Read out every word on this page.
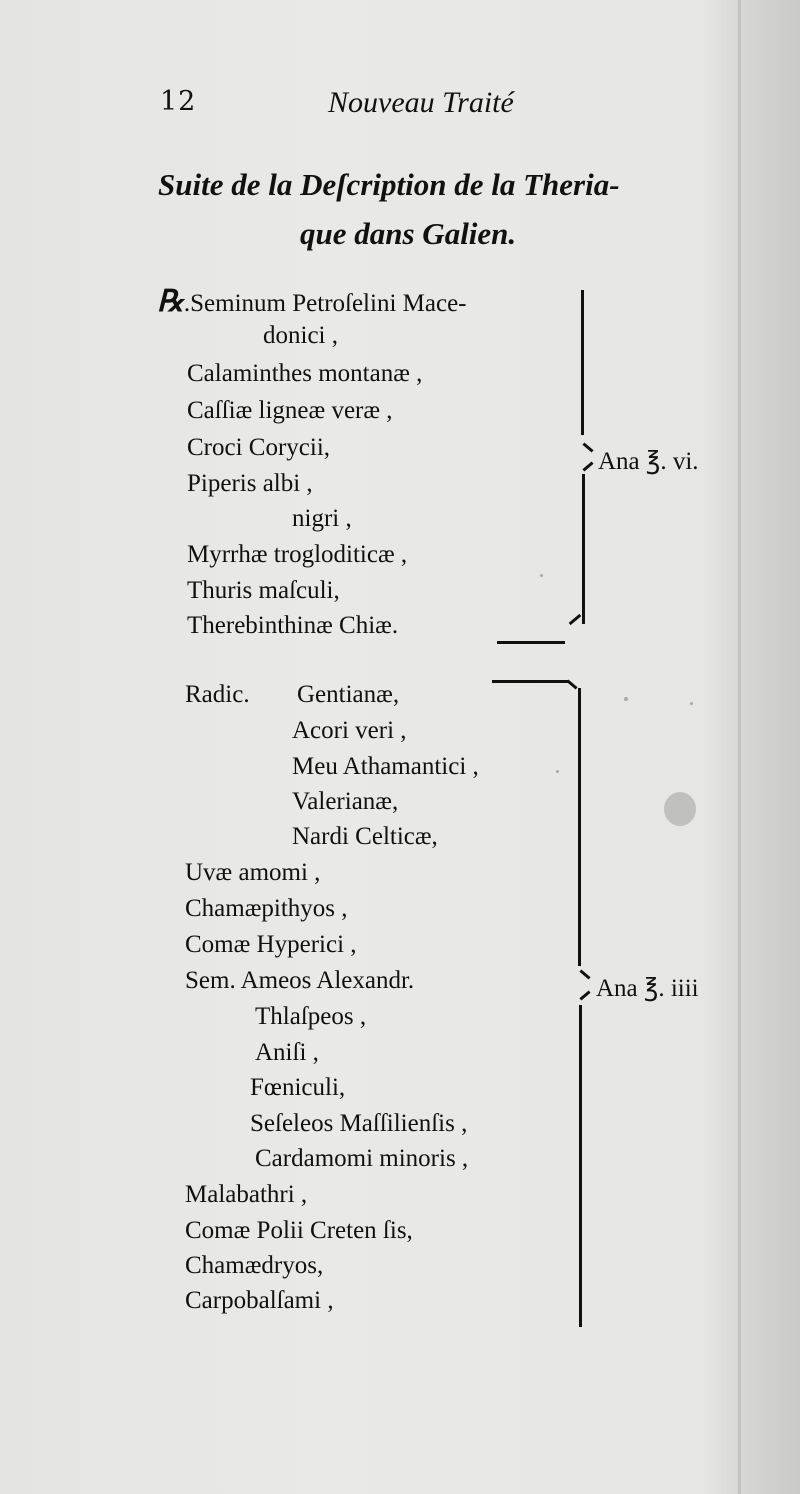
12	Nouveau Traité
Suite de la Deſcription de la Theria-
que dans Galien.
℞.Seminum Petroſelini Mace-
donici ,
Calaminthes montanæ ,
Caſſiæ ligneæ veræ ,
Croci Corycii,
Piperis albi ,
nigri ,
Myrrhæ trogloditicæ ,
Thuris maſculi,
Therebinthinæ Chiæ.
Ana ℥. vi.
Radic. Gentianæ,
Acori veri ,
Meu Athamantici ,
Valerianæ,
Nardi Celticæ,
Uvæ amomi ,
Chamæpithyos ,
Comæ Hyperici ,
Sem. Ameos Alexandr.
Thlaſpeos ,
Aniſi ,
Fœniculi,
Seſeleos Maſſilienſis ,
Cardamomi minoris ,
Malabathri ,
Comæ Polii Creten ſis,
Chamædryos,
Carpobalſami ,
Ana ℥. iiii
